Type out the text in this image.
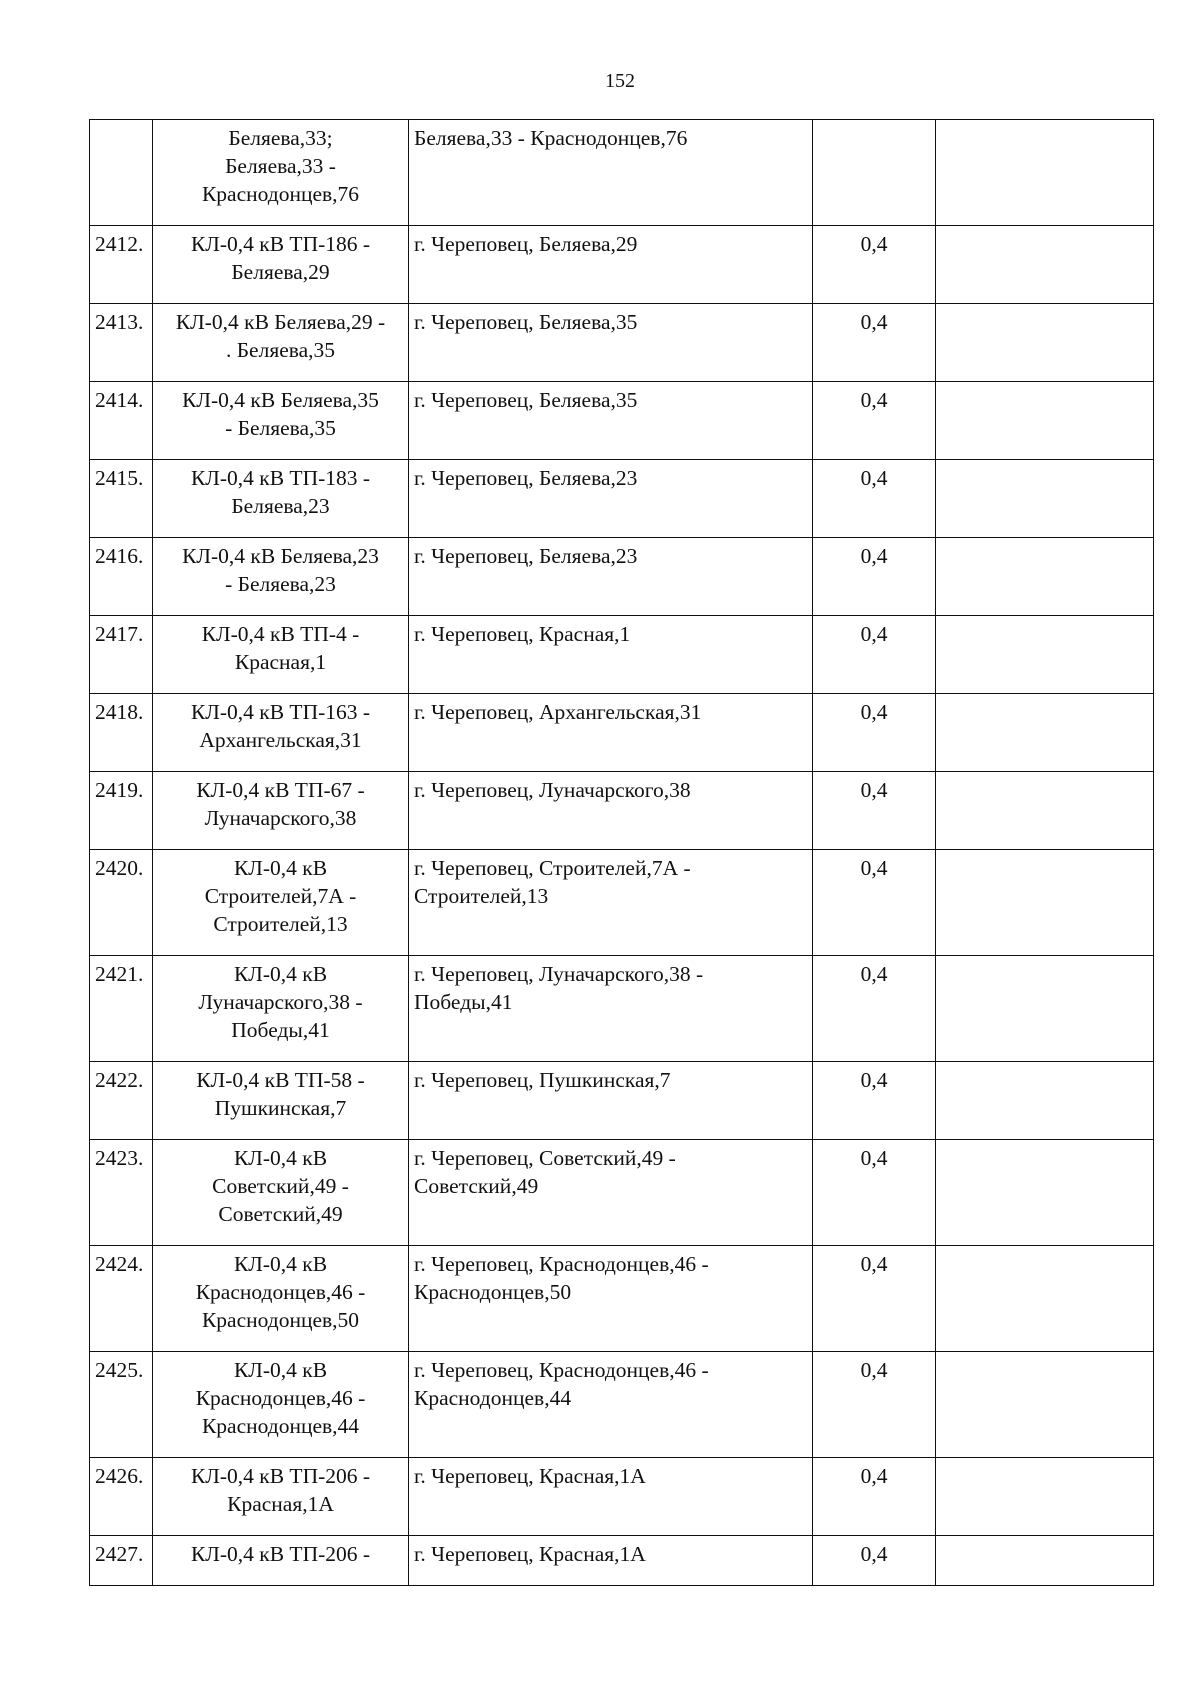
152

	Беляева,33;
Беляева,33 -
Краснодонцев,76	Беляева,33 - Краснодонцев,76		

2412.	КЛ-0,4 кВ ТП-186 -
Беляева,29	г. Череповец, Беляева,29	0,4	
2413.	КЛ-0,4 кВ Беляева,29 -
. Беляева,35	г. Череповец, Беляева,35	0,4	
2414.	КЛ-0,4 кВ Беляева,35
- Беляева,35	г. Череповец, Беляева,35	0,4	
2415.	КЛ-0,4 кВ ТП-183 -
Беляева,23	г. Череповец, Беляева,23	0,4	
2416.	КЛ-0,4 кВ Беляева,23
- Беляева,23	г. Череповец, Беляева,23	0,4	
2417.	КЛ-0,4 кВ ТП-4 -
Красная,1	г. Череповец, Красная,1	0,4	
2418.	КЛ-0,4 кВ ТП-163 -
Архангельская,31	г. Череповец, Архангельская,31	0,4	
2419.	КЛ-0,4 кВ ТП-67 -
Луначарского,38	г. Череповец, Луначарского,38	0,4	
2420.	КЛ-0,4 кВ
Строителей,7А -
Строителей,13	г. Череповец, Строителей,7А -
Строителей,13	0,4	
2421.	КЛ-0,4 кВ
Луначарского,38 -
Победы,41	г. Череповец, Луначарского,38 -
Победы,41	0,4	
2422.	КЛ-0,4 кВ ТП-58 -
Пушкинская,7	г. Череповец, Пушкинская,7	0,4	
2423.	КЛ-0,4 кВ
Советский,49 -
Советский,49	г. Череповец, Советский,49 -
Советский,49	0,4	
2424.	КЛ-0,4 кВ
Краснодонцев,46 -
Краснодонцев,50	г. Череповец, Краснодонцев,46 -
Краснодонцев,50	0,4	
2425.	КЛ-0,4 кВ
Краснодонцев,46 -
Краснодонцев,44	г. Череповец, Краснодонцев,46 -
Краснодонцев,44	0,4	
2426.	КЛ-0,4 кВ ТП-206 -
Красная,1А	г. Череповец, Красная,1А	0,4	
2427.	КЛ-0,4 кВ ТП-206 -	г. Череповец, Красная,1А	0,4	
